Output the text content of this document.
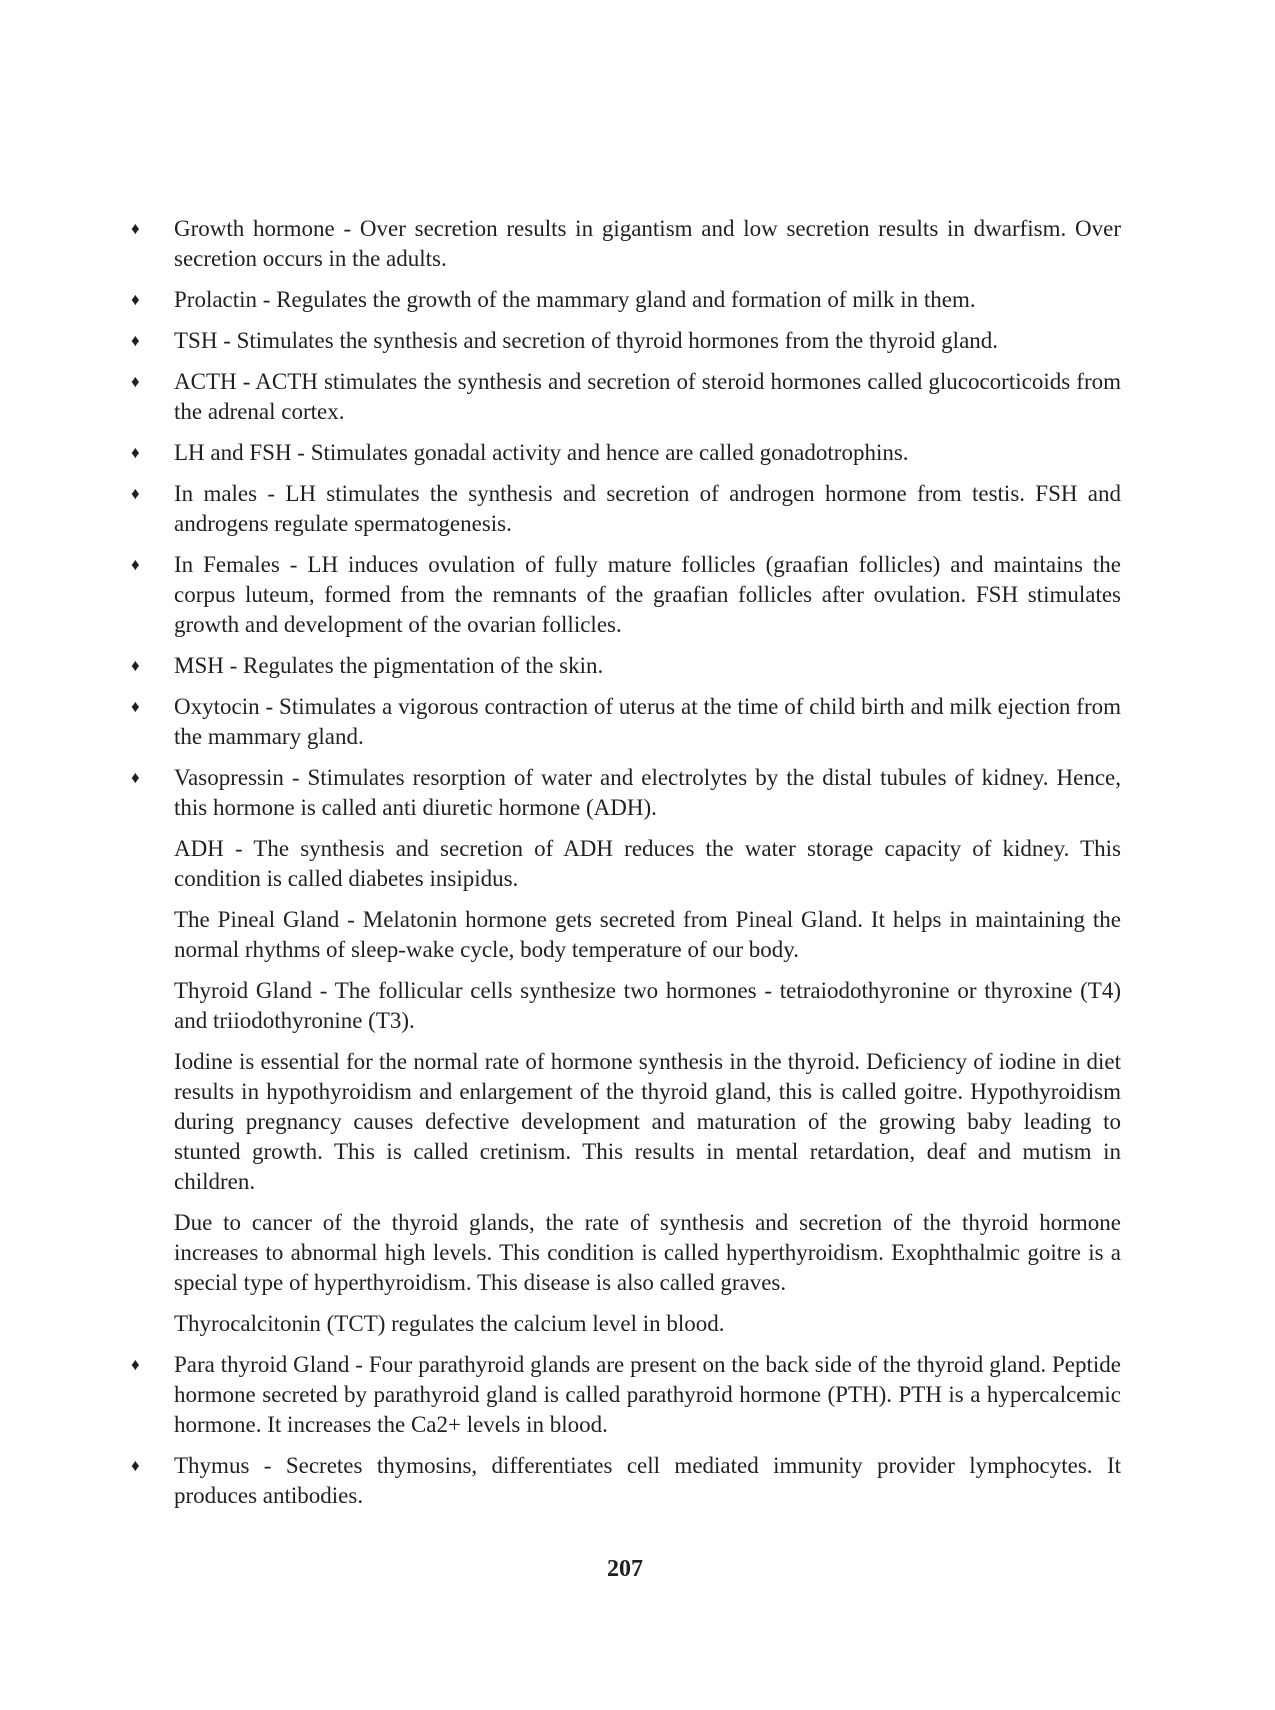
♦ Growth hormone - Over secretion results in gigantism and low secretion results in dwarfism. Over secretion occurs in the adults.
♦ Prolactin - Regulates the growth of the mammary gland and formation of milk in them.
♦ TSH - Stimulates the synthesis and secretion of thyroid hormones from the thyroid gland.
♦ ACTH - ACTH stimulates the synthesis and secretion of steroid hormones called glucocorticoids from the adrenal cortex.
♦ LH and FSH - Stimulates gonadal activity and hence are called gonadotrophins.
♦ In males - LH stimulates the synthesis and secretion of androgen hormone from testis. FSH and androgens regulate spermatogenesis.
♦ In Females - LH induces ovulation of fully mature follicles (graafian follicles) and maintains the corpus luteum, formed from the remnants of the graafian follicles after ovulation. FSH stimulates growth and development of the ovarian follicles.
♦ MSH - Regulates the pigmentation of the skin.
♦ Oxytocin - Stimulates a vigorous contraction of uterus at the time of child birth and milk ejection from the mammary gland.
♦ Vasopressin - Stimulates resorption of water and electrolytes by the distal tubules of kidney. Hence, this hormone is called anti diuretic hormone (ADH).
ADH - The synthesis and secretion of ADH reduces the water storage capacity of kidney. This condition is called diabetes insipidus.
The Pineal Gland - Melatonin hormone gets secreted from Pineal Gland. It helps in maintaining the normal rhythms of sleep-wake cycle, body temperature of our body.
Thyroid Gland - The follicular cells synthesize two hormones - tetraiodothyronine or thyroxine (T4) and triiodothyronine (T3).
Iodine is essential for the normal rate of hormone synthesis in the thyroid. Deficiency of iodine in diet results in hypothyroidism and enlargement of the thyroid gland, this is called goitre. Hypothyroidism during pregnancy causes defective development and maturation of the growing baby leading to stunted growth. This is called cretinism. This results in mental retardation, deaf and mutism in children.
Due to cancer of the thyroid glands, the rate of synthesis and secretion of the thyroid hormone increases to abnormal high levels. This condition is called hyperthyroidism. Exophthalmic goitre is a special type of hyperthyroidism. This disease is also called graves.
Thyrocalcitonin (TCT) regulates the calcium level in blood.
♦ Para thyroid Gland - Four parathyroid glands are present on the back side of the thyroid gland. Peptide hormone secreted by parathyroid gland is called parathyroid hormone (PTH). PTH is a hypercalcemic hormone. It increases the Ca2+ levels in blood.
♦ Thymus - Secretes thymosins, differentiates cell mediated immunity provider lymphocytes. It produces antibodies.
207
